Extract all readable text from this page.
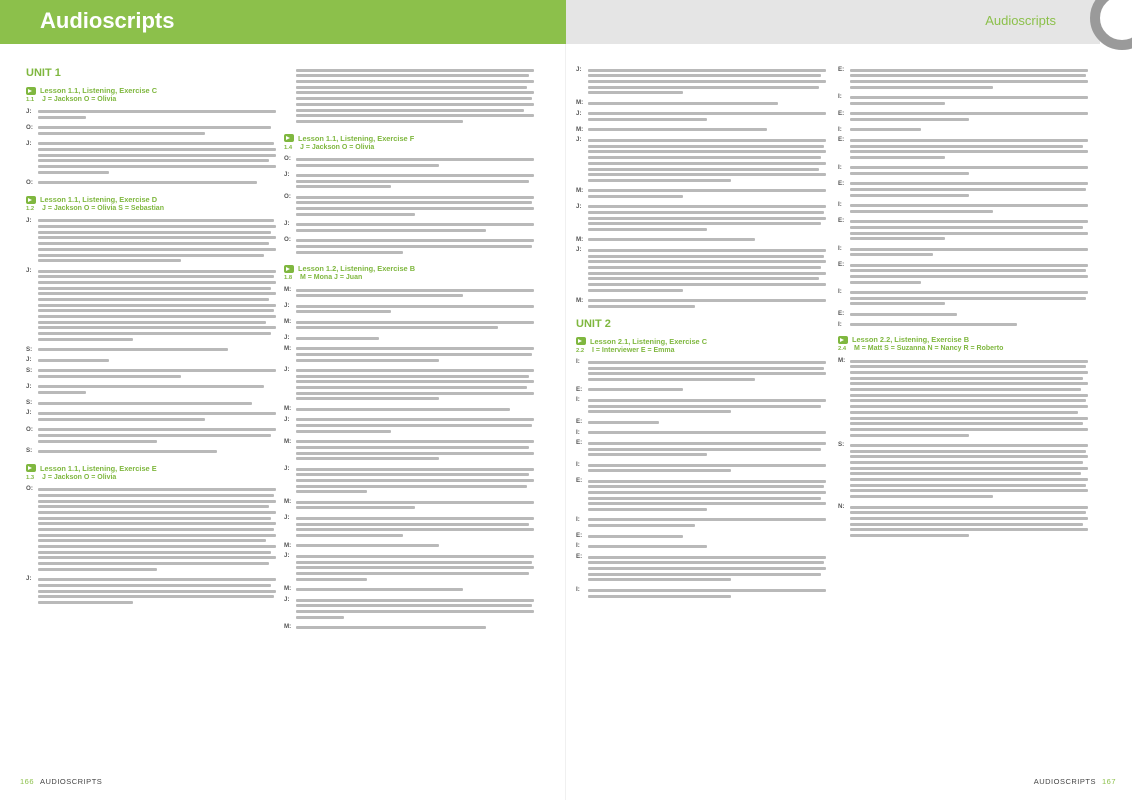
Audioscripts
UNIT 1
Lesson 1.1, Listening, Exercise C
1.1	J = Jackson O = Olivia
J:
O:
J:
O:
Lesson 1.1, Listening, Exercise D
1.2	J = Jackson O = Olivia S = Sebastian
J:
J:
S:
J:
S:
J:
S:
J:
O:
S:
Lesson 1.1, Listening, Exercise E
1.3	J = Jackson O = Olivia
O:
J:
Lesson 1.1, Listening, Exercise F
1.4	J = Jackson O = Olivia
O:
J:
O:
J:
O:
Lesson 1.2, Listening, Exercise B
1.8	M = Mona J = Juan
M:
J:
M:
J:
M:
J:
M:
J:
M:
J:
M:
J:
M:
J:
M:
J:
M:
166 AUDIOSCRIPTS
Audioscripts
J:
M:
J:
M:
J:
M:
J:
M:
J:
M:
UNIT 2
Lesson 2.1, Listening, Exercise C
2.2	I = Interviewer E = Emma
I:
E:
I:
E:
I:
E:
I:
E:
I:
E:
I:
E:
I:
E:
I:
E:
I:
E:
I:
E:
I:
E:
I:
E:
I:
E:
I:
Lesson 2.2, Listening, Exercise B
2.4	M = Matt S = Suzanna N = Nancy R = Roberto
M:
S:
N:
AUDIOSCRIPTS 167
